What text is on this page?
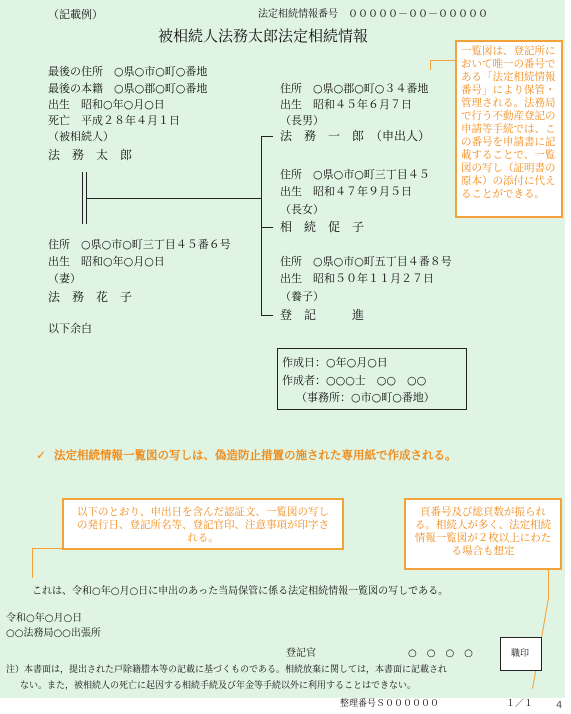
（記載例）	法定相続情報番号　０００００－００－０００００
被相続人法務太郎法定相続情報
最後の住所　○県○市○町○番地
最後の本籍　○県○郡○町○番地
出生　昭和○年○月○日
死亡　平成２８年４月１日
（被相続人）
法　務　太　郎
住所　○県○市○町三丁目４５番６号
出生　昭和○年○月○日
（妻）
法　務　花　子
以下余白
住所　○県○郡○町○３４番地
出生　昭和４５年６月７日
（長男）
法　務　一　郎　（申出人）
住所　○県○市○町三丁目４５
出生　昭和４７年９月５日
（長女）
相　続　促　子
住所　○県○市○町五丁目４番８号
出生　昭和５０年１１月２７日
（養子）
登　記　　　進
一覧図は、登記所において唯一の番号である「法定相続情報番号」により保管・管理される。法務局で行う不動産登記の申請等手続では、この番号を申請書に記載することで、一覧図の写し（証明書の原本）の添付に代えることができる。
作成日：○年○月○日
作成者：○○○士　○○　○○
（事務所：○市○町○番地）
✓ 法定相続情報一覧図の写しは、偽造防止措置の施された専用紙で作成される。
以下のとおり、申出日を含んだ認証文、一覧図の写しの発行日、登記所名等、登記官印、注意事項が印字される。
頁番号及び総頁数が振られる。相続人が多く、法定相続情報一覧図が２枚以上にわたる場合も想定
これは、令和○年○月○日に申出のあった当局保管に係る法定相続情報一覧図の写しである。
令和○年○月○日
○○法務局○○出張所
登記官	○　○　○　○	職印
注）本書面は，提出された戸除籍謄本等の記載に基づくものである。相続放棄に関しては，本書面に記載され
ない。また，被相続人の死亡に起因する相続手続及び年金等手続以外に利用することはできない。
整理番号Ｓ００００００	１／１ 4
